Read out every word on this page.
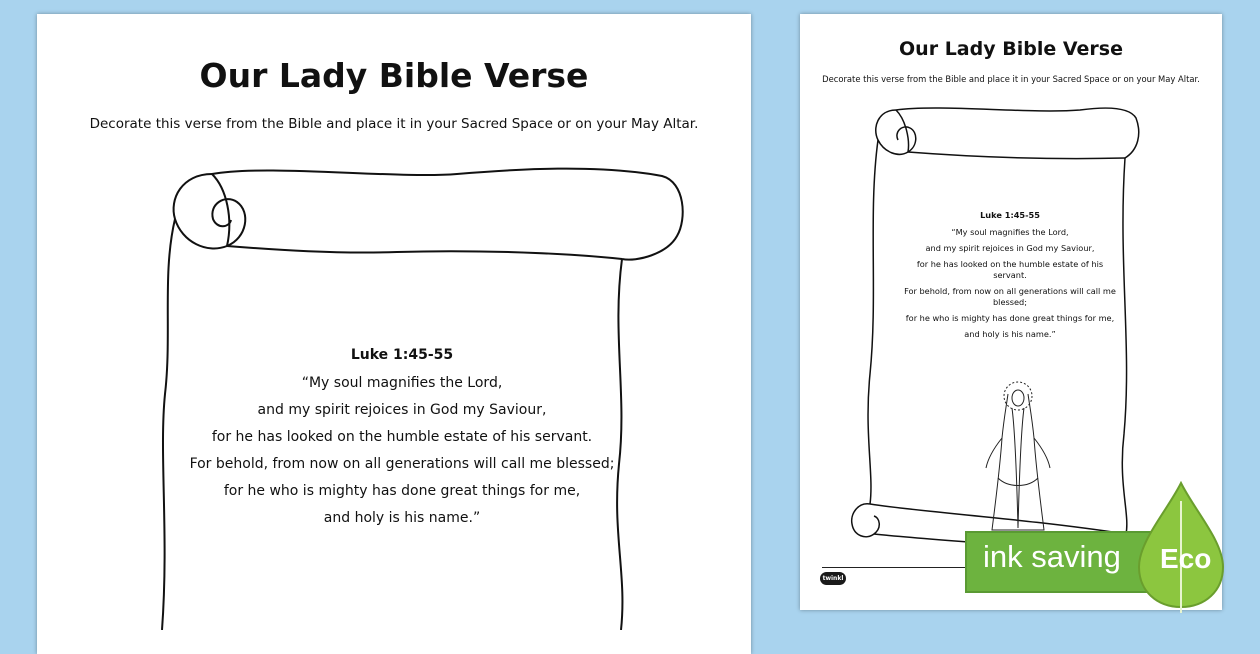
Our Lady Bible Verse
Decorate this verse from the Bible and place it in your Sacred Space or on your May Altar.
Luke 1:45-55
“My soul magnifies the Lord,
and my spirit rejoices in God my Saviour,
for he has looked on the humble estate of his servant.
For behold, from now on all generations will call me blessed;
for he who is mighty has done great things for me,
and holy is his name.”
Our Lady Bible Verse
Decorate this verse from the Bible and place it in your Sacred Space or on your May Altar.
Luke 1:45-55
“My soul magnifies the Lord,
and my spirit rejoices in God my Saviour,
for he has looked on the humble estate of his servant.
For behold, from now on all generations will call me blessed;
for he who is mighty has done great things for me,
and holy is his name.”
twinkl
ink saving Eco
